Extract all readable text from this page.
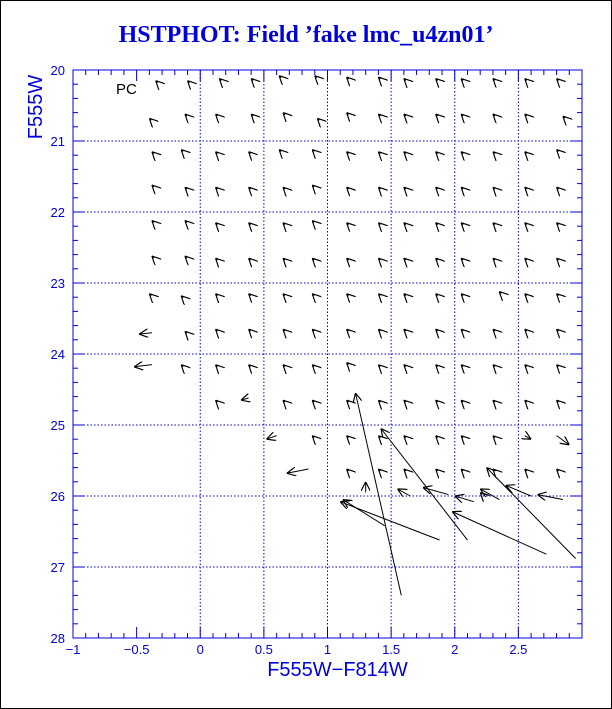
HSTPHOT: Field ’fake lmc_u4zn01’
−1	−0.5	0	0.5	1	1.5	2	2.5
20
21
22
23
24
25
26
27
28
PC
F555W−F814W
F555W
